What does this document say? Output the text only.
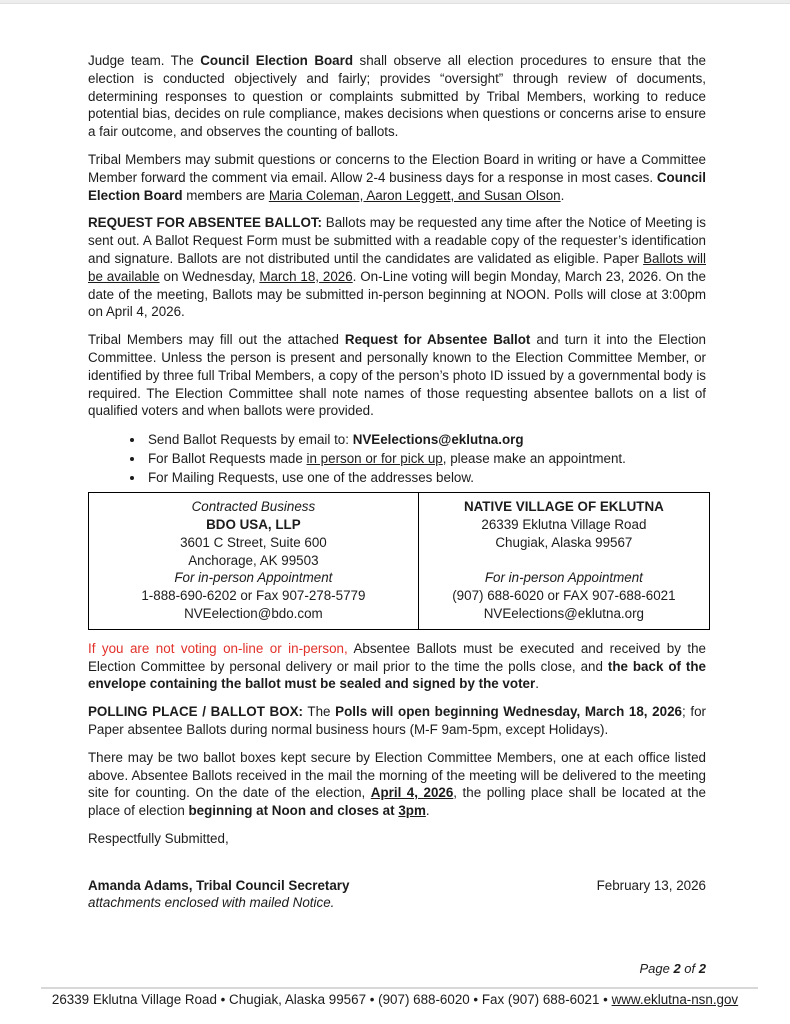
Judge team. The Council Election Board shall observe all election procedures to ensure that the election is conducted objectively and fairly; provides “oversight” through review of documents, determining responses to question or complaints submitted by Tribal Members, working to reduce potential bias, decides on rule compliance, makes decisions when questions or concerns arise to ensure a fair outcome, and observes the counting of ballots.

Tribal Members may submit questions or concerns to the Election Board in writing or have a Committee Member forward the comment via email. Allow 2-4 business days for a response in most cases. Council Election Board members are Maria Coleman, Aaron Leggett, and Susan Olson.

REQUEST FOR ABSENTEE BALLOT: Ballots may be requested any time after the Notice of Meeting is sent out. A Ballot Request Form must be submitted with a readable copy of the requester’s identification and signature. Ballots are not distributed until the candidates are validated as eligible. Paper Ballots will be available on Wednesday, March 18, 2026. On-Line voting will begin Monday, March 23, 2026. On the date of the meeting, Ballots may be submitted in-person beginning at NOON. Polls will close at 3:00pm on April 4, 2026.

Tribal Members may fill out the attached Request for Absentee Ballot and turn it into the Election Committee. Unless the person is present and personally known to the Election Committee Member, or identified by three full Tribal Members, a copy of the person’s photo ID issued by a governmental body is required. The Election Committee shall note names of those requesting absentee ballots on a list of qualified voters and when ballots were provided.

• Send Ballot Requests by email to: NVEelections@eklutna.org
• For Ballot Requests made in person or for pick up, please make an appointment.
• For Mailing Requests, use one of the addresses below.
Contracted Business
BDO USA, LLP
3601 C Street, Suite 600
Anchorage, AK 99503
For in-person Appointment
1-888-690-6202 or Fax 907-278-5779
NVEelection@bdo.com

NATIVE VILLAGE OF EKLUTNA
26339 Eklutna Village Road
Chugiak, Alaska 99567
For in-person Appointment
(907) 688-6020 or FAX 907-688-6021
NVEelections@eklutna.org

If you are not voting on-line or in-person, Absentee Ballots must be executed and received by the Election Committee by personal delivery or mail prior to the time the polls close, and the back of the envelope containing the ballot must be sealed and signed by the voter.

POLLING PLACE / BALLOT BOX: The Polls will open beginning Wednesday, March 18, 2026; for Paper absentee Ballots during normal business hours (M-F 9am-5pm, except Holidays).

There may be two ballot boxes kept secure by Election Committee Members, one at each office listed above. Absentee Ballots received in the mail the morning of the meeting will be delivered to the meeting site for counting. On the date of the election, April 4, 2026, the polling place shall be located at the place of election beginning at Noon and closes at 3pm.

Respectfully Submitted,

Amanda Adams, Tribal Council Secretary	February 13, 2026
attachments enclosed with mailed Notice.
Page 2 of 2
26339 Eklutna Village Road • Chugiak, Alaska 99567 • (907) 688-6020 • Fax (907) 688-6021 • www.eklutna-nsn.gov
